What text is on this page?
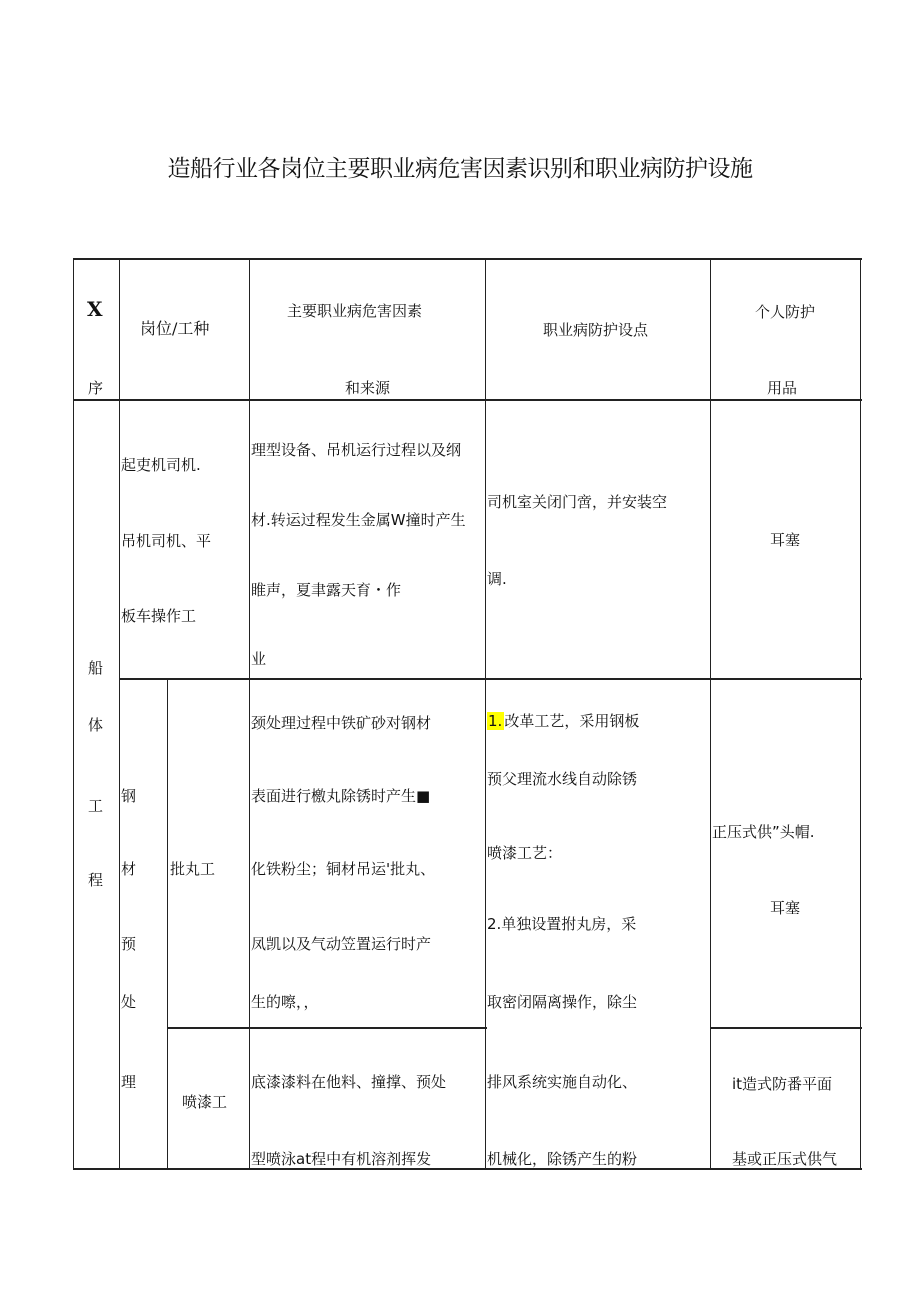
造船行业各岗位主要职业病危害因素识别和职业病防护设施
X
序
岗位/工种
主要职业病危害因素
和来源
职业病防护设点
个人防护
用品
船
体
工
程
起吏机司机.
吊机司机、平
板车操作工
理型设备、吊机运行过程以及纲
材.转运过程发生金属W撞时产生
睢声，夏聿露天育・作
业
司机室关闭门啻，并安装空
调.
耳塞
钢
材
预
处
理
批丸工
颈处理过程中铁矿砂对钢材
表面进行檄丸除锈时产生■
化铁粉尘；铜材吊运'批丸、
凤凯以及气动笠置运行时产
生的嚓，，
正压式供”头帽.
耳塞
1. 改革工艺，采用钢板
预父理流水线自动除锈
喷漆工艺：
2.单独设置拊丸房，采
取密闭隔离操作，除尘
排风系统实施自动化、
机械化，除锈产生的粉
喷漆工
底漆漆料在他料、撞撑、预处
型喷泳at程中有机溶剂挥发
it造式防番平面
基或正压式供气
